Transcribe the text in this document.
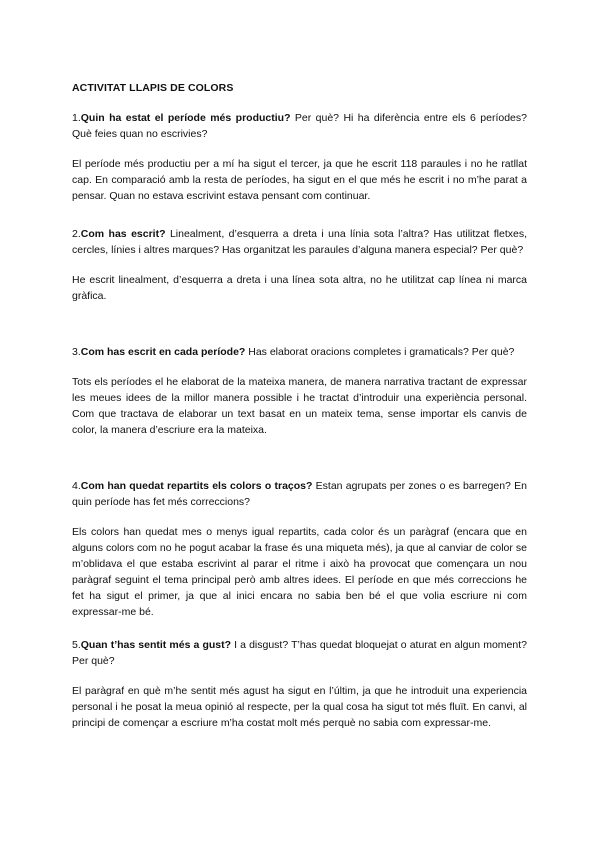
ACTIVITAT LLAPIS DE COLORS
1.Quin ha estat el període més productiu? Per què? Hi ha diferència entre els 6 períodes? Què feies quan no escrivies?
El període més productiu per a mí ha sigut el tercer, ja que he escrit 118 paraules i no he ratllat cap. En comparació amb la resta de períodes, ha sigut en el que més he escrit i no m’he parat a pensar. Quan no estava escrivint estava pensant com continuar.
2.Com has escrit? Linealment, d’esquerra a dreta i una línia sota l’altra? Has utilitzat fletxes, cercles, línies i altres marques? Has organitzat les paraules d’alguna manera especial? Per què?
He escrit linealment, d’esquerra a dreta i una línea sota altra, no he utilitzat cap línea ni marca gràfica.
3.Com has escrit en cada període? Has elaborat oracions completes i gramaticals? Per què?
Tots els períodes el he elaborat de la mateixa manera, de manera narrativa tractant de expressar les meues idees de la millor manera possible i he tractat d’introduir una experiència personal. Com que tractava de elaborar un text basat en un mateix tema, sense importar els canvis de color, la manera d’escriure era la mateixa.
4.Com han quedat repartits els colors o traços? Estan agrupats per zones o es barregen? En quin període has fet més correccions?
Els colors han quedat mes o menys igual repartits, cada color és un paràgraf (encara que en alguns colors com no he pogut acabar la frase és una miqueta més), ja que al canviar de color se m’oblidava el que estaba escrivint al parar el ritme i això ha provocat que començara un nou paràgraf seguint el tema principal però amb altres idees. El període en que més correccions he fet ha sigut el primer, ja que al inici encara no sabia ben bé el que volia escriure ni com expressar-me bé.
5.Quan t’has sentit més a gust? I a disgust? T’has quedat bloquejat o aturat en algun moment? Per què?
El paràgraf en què m’he sentit més agust ha sigut en l’últim, ja que he introduit una experiencia personal i he posat la meua opinió al respecte, per la qual cosa ha sigut tot més fluït. En canvi, al principi de començar a escriure m’ha costat molt més perquè no sabia com expressar-me.
